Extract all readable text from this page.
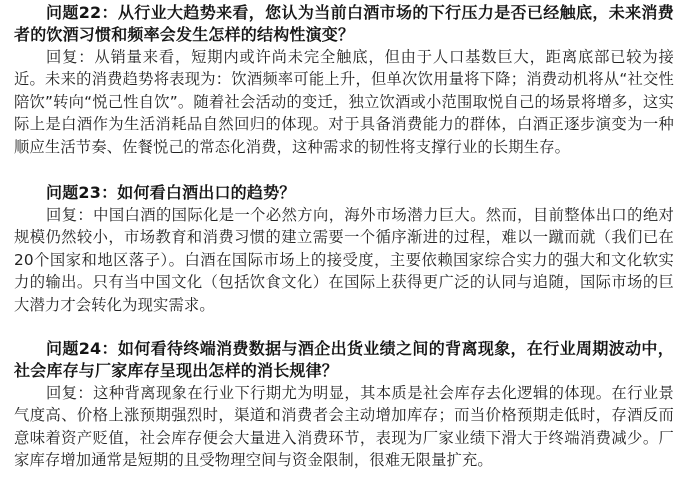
问题22：从行业大趋势来看，您认为当前白酒市场的下行压力是否已经触底，未来消费者的饮酒习惯和频率会发生怎样的结构性演变？

回复：从销量来看，短期内或许尚未完全触底，但由于人口基数巨大，距离底部已较为接近。未来的消费趋势将表现为：饮酒频率可能上升，但单次饮用量将下降；消费动机将从“社交性陪饮”转向“悦己性自饮”。随着社会活动的变迁，独立饮酒或小范围取悦自己的场景将增多，这实际上是白酒作为生活消耗品自然回归的体现。对于具备消费能力的群体，白酒正逐步演变为一种顺应生活节奏、佐餐悦己的常态化消费，这种需求的韧性将支撑行业的长期生存。

问题23：如何看白酒出口的趋势？

回复：中国白酒的国际化是一个必然方向，海外市场潜力巨大。然而，目前整体出口的绝对规模仍然较小，市场教育和消费习惯的建立需要一个循序渐进的过程，难以一蹴而就（我们已在20个国家和地区落子）。白酒在国际市场上的接受度，主要依赖国家综合实力的强大和文化软实力的输出。只有当中国文化（包括饮食文化）在国际上获得更广泛的认同与追随，国际市场的巨大潜力才会转化为现实需求。

问题24：如何看待终端消费数据与酒企出货业绩之间的背离现象，在行业周期波动中，社会库存与厂家库存呈现出怎样的消长规律？

回复：这种背离现象在行业下行期尤为明显，其本质是社会库存去化逻辑的体现。在行业景气度高、价格上涨预期强烈时，渠道和消费者会主动增加库存；而当价格预期走低时，存酒反而意味着资产贬值，社会库存便会大量进入消费环节，表现为厂家业绩下滑大于终端消费减少。厂家库存增加通常是短期的且受物理空间与资金限制，很难无限量扩充。
